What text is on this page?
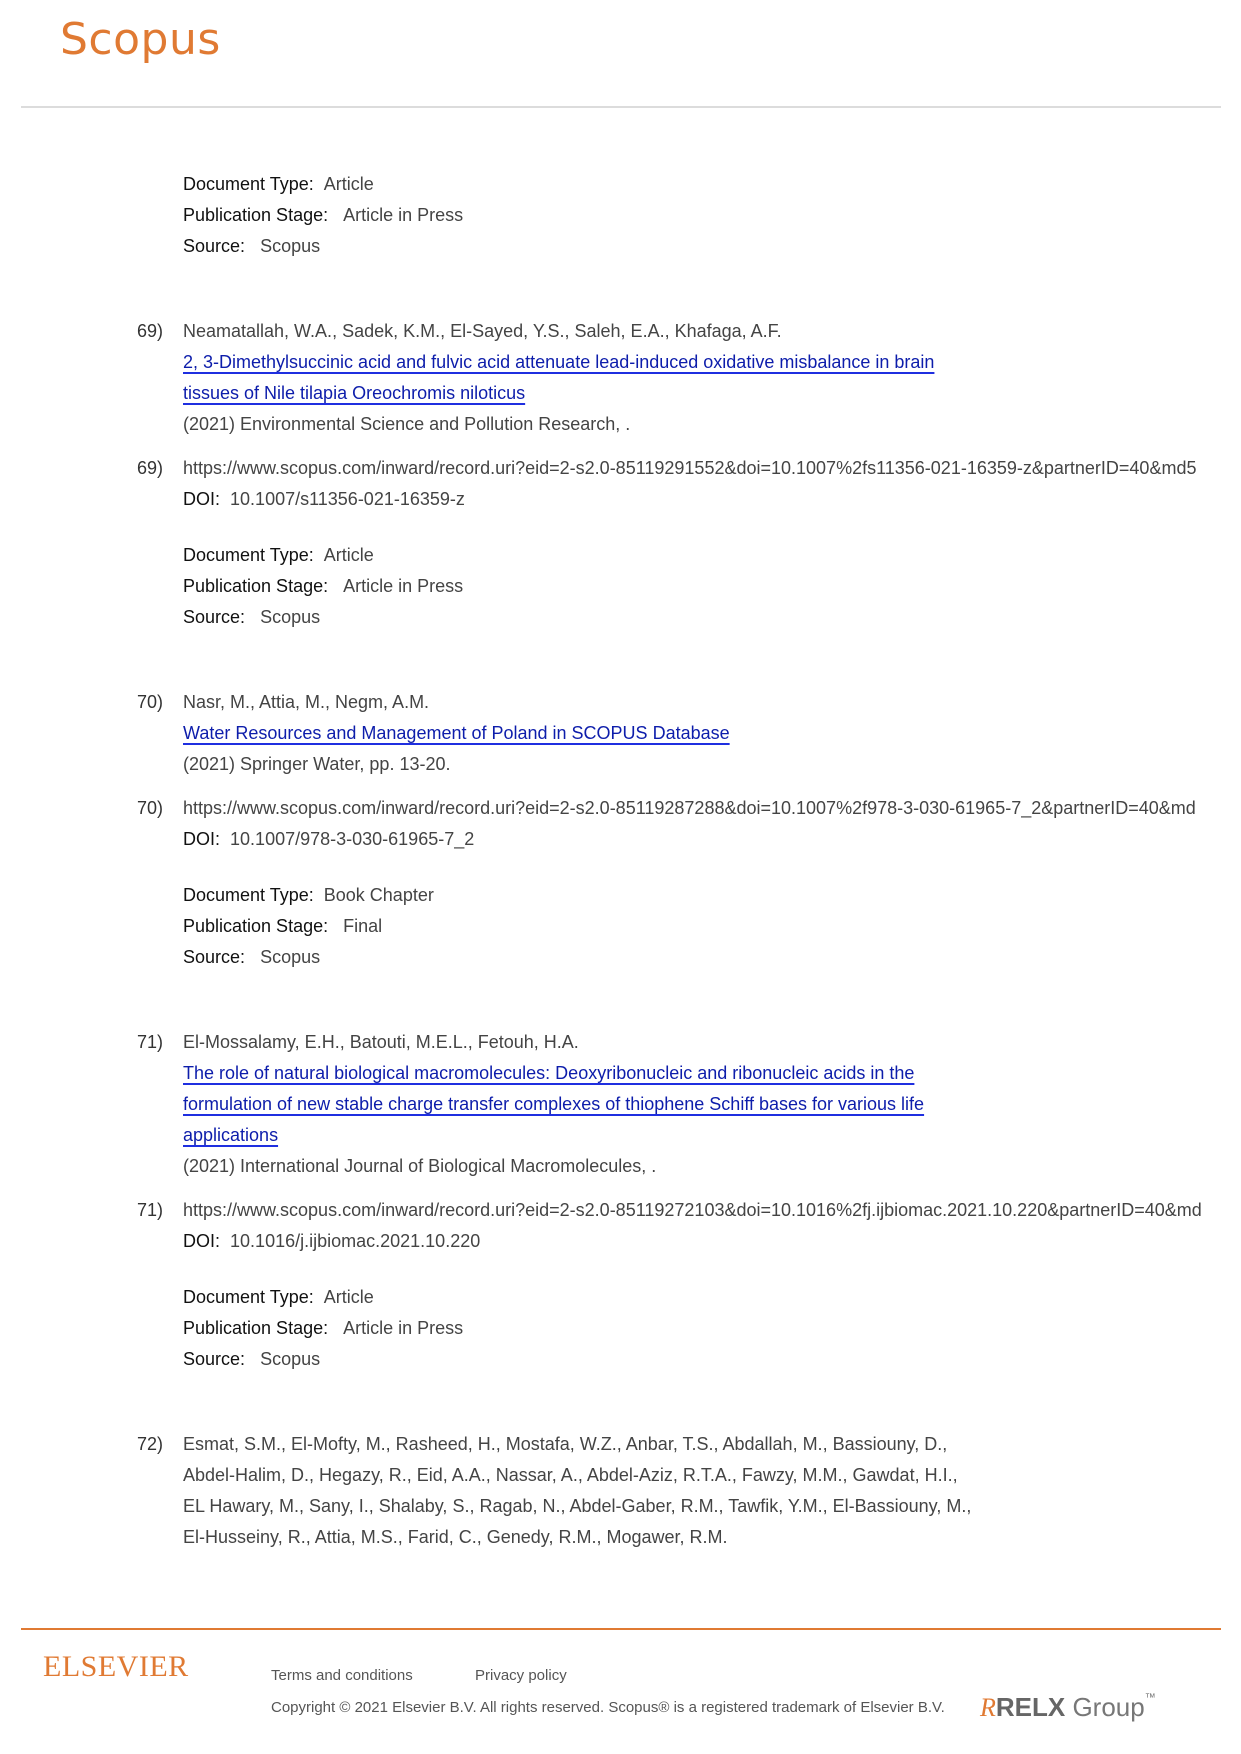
Scopus
Document Type: Article
Publication Stage: Article in Press
Source: Scopus
69) Neamatallah, W.A., Sadek, K.M., El-Sayed, Y.S., Saleh, E.A., Khafaga, A.F.
2, 3-Dimethylsuccinic acid and fulvic acid attenuate lead-induced oxidative misbalance in brain
tissues of Nile tilapia Oreochromis niloticus
(2021) Environmental Science and Pollution Research, .
69) https://www.scopus.com/inward/record.uri?eid=2-s2.0-85119291552&doi=10.1007%2fs11356-021-16359-z&partnerID=40&md5
DOI: 10.1007/s11356-021-16359-z
Document Type: Article
Publication Stage: Article in Press
Source: Scopus
70) Nasr, M., Attia, M., Negm, A.M.
Water Resources and Management of Poland in SCOPUS Database
(2021) Springer Water, pp. 13-20.
70) https://www.scopus.com/inward/record.uri?eid=2-s2.0-85119287288&doi=10.1007%2f978-3-030-61965-7_2&partnerID=40&md
DOI: 10.1007/978-3-030-61965-7_2
Document Type: Book Chapter
Publication Stage: Final
Source: Scopus
71) El-Mossalamy, E.H., Batouti, M.E.L., Fetouh, H.A.
The role of natural biological macromolecules: Deoxyribonucleic and ribonucleic acids in the
formulation of new stable charge transfer complexes of thiophene Schiff bases for various life
applications
(2021) International Journal of Biological Macromolecules, .
71) https://www.scopus.com/inward/record.uri?eid=2-s2.0-85119272103&doi=10.1016%2fj.ijbiomac.2021.10.220&partnerID=40&md
DOI: 10.1016/j.ijbiomac.2021.10.220
Document Type: Article
Publication Stage: Article in Press
Source: Scopus
72) Esmat, S.M., El-Mofty, M., Rasheed, H., Mostafa, W.Z., Anbar, T.S., Abdallah, M., Bassiouny, D.,
Abdel-Halim, D., Hegazy, R., Eid, A.A., Nassar, A., Abdel-Aziz, R.T.A., Fawzy, M.M., Gawdat, H.I.,
EL Hawary, M., Sany, I., Shalaby, S., Ragab, N., Abdel-Gaber, R.M., Tawfik, Y.M., El-Bassiouny, M.,
El-Husseiny, R., Attia, M.S., Farid, C., Genedy, R.M., Mogawer, R.M.
ELSEVIER	Terms and conditions	Privacy policy
Copyright © 2021 Elsevier B.V. All rights reserved. Scopus® is a registered trademark of Elsevier B.V. RRELX Group™
